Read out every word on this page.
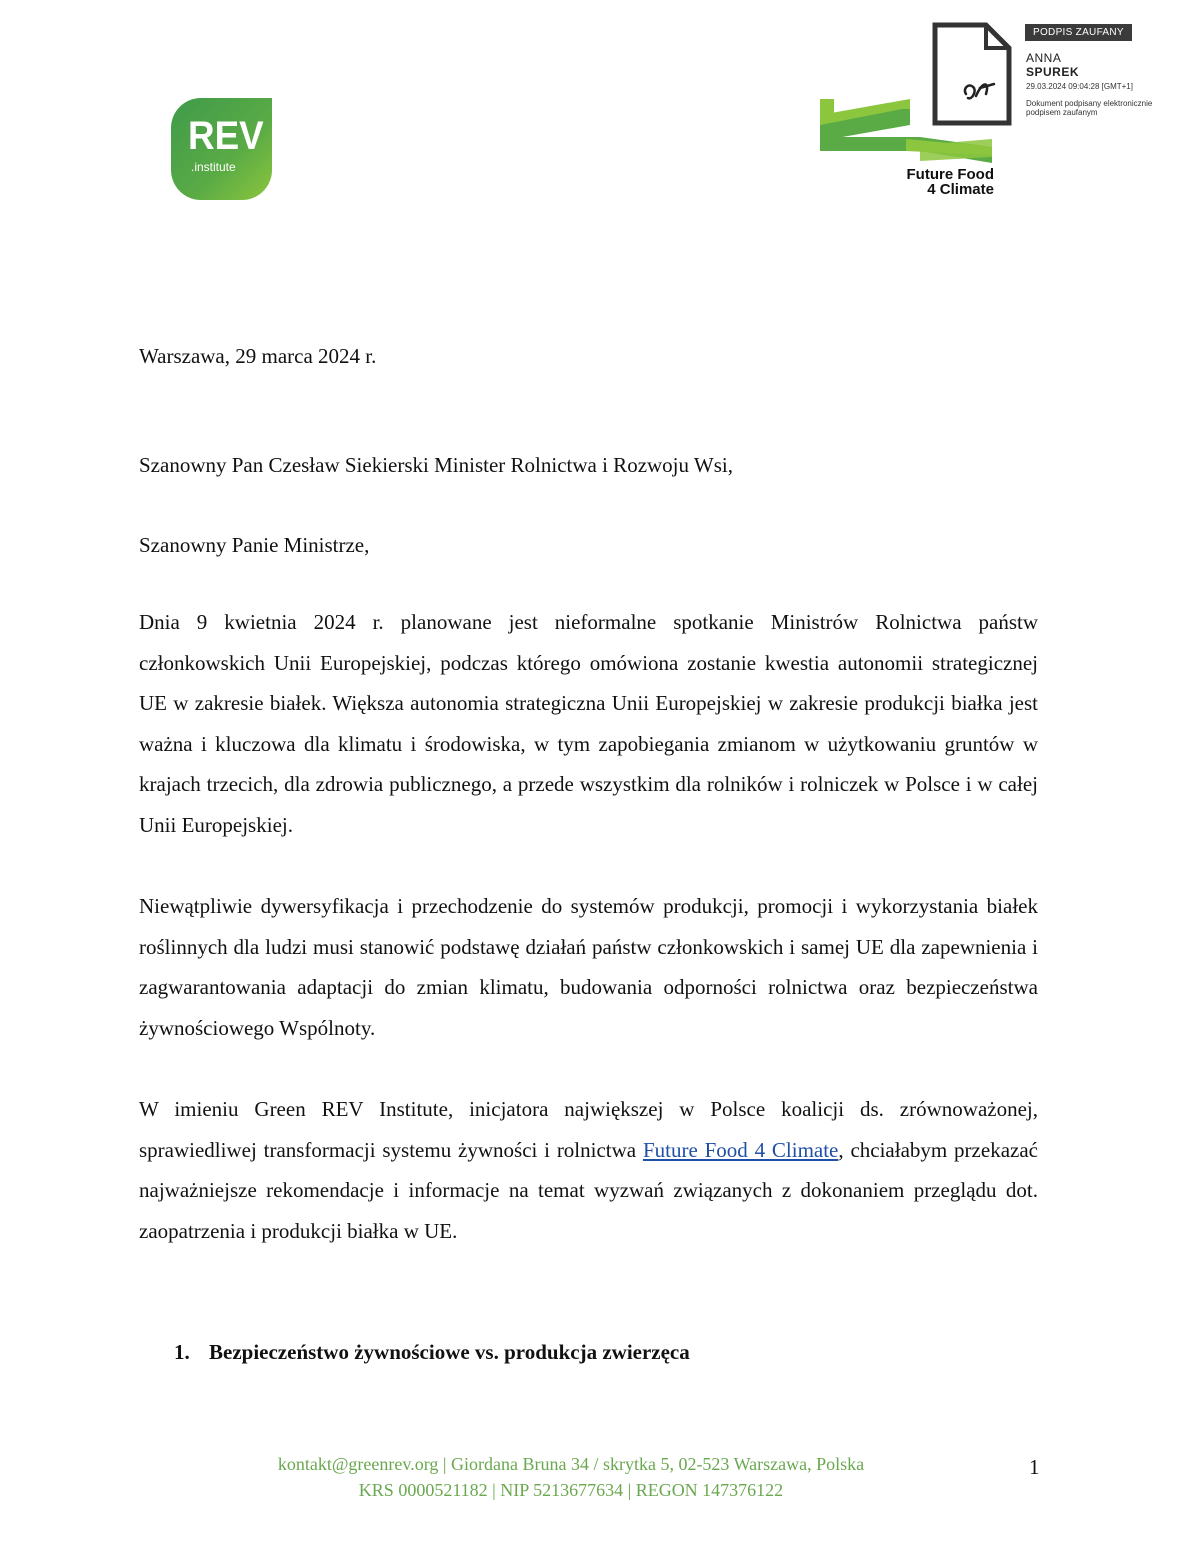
REV
.institute	Future Food
4 Climate
PODPIS ZAUFANY
ANNA
SPUREK
29.03.2024 09:04:28 [GMT+1]
Dokument podpisany elektronicznie
podpisem zaufanym
Warszawa, 29 marca 2024 r.
Szanowny Pan Czesław Siekierski Minister Rolnictwa i Rozwoju Wsi,
Szanowny Panie Ministrze,
Dnia 9 kwietnia 2024 r. planowane jest nieformalne spotkanie Ministrów Rolnictwa państw członkowskich Unii Europejskiej, podczas którego omówiona zostanie kwestia autonomii strategicznej UE w zakresie białek. Większa autonomia strategiczna Unii Europejskiej w zakresie produkcji białka jest ważna i kluczowa dla klimatu i środowiska, w tym zapobiegania zmianom w użytkowaniu gruntów w krajach trzecich, dla zdrowia publicznego, a przede wszystkim dla rolników i rolniczek w Polsce i w całej Unii Europejskiej.
Niewątpliwie dywersyfikacja i przechodzenie do systemów produkcji, promocji i wykorzystania białek roślinnych dla ludzi musi stanowić podstawę działań państw członkowskich i samej UE dla zapewnienia i zagwarantowania adaptacji do zmian klimatu, budowania odporności rolnictwa oraz bezpieczeństwa żywnościowego Wspólnoty.
W imieniu Green REV Institute, inicjatora największej w Polsce koalicji ds. zrównoważonej, sprawiedliwej transformacji systemu żywności i rolnictwa Future Food 4 Climate, chciałabym przekazać najważniejsze rekomendacje i informacje na temat wyzwań związanych z dokonaniem przeglądu dot. zaopatrzenia i produkcji białka w UE.
1. Bezpieczeństwo żywnościowe vs. produkcja zwierzęca
kontakt@greenrev.org | Giordana Bruna 34 / skrytka 5, 02-523 Warszawa, Polska
KRS 0000521182 | NIP 5213677634 | REGON 147376122
1
